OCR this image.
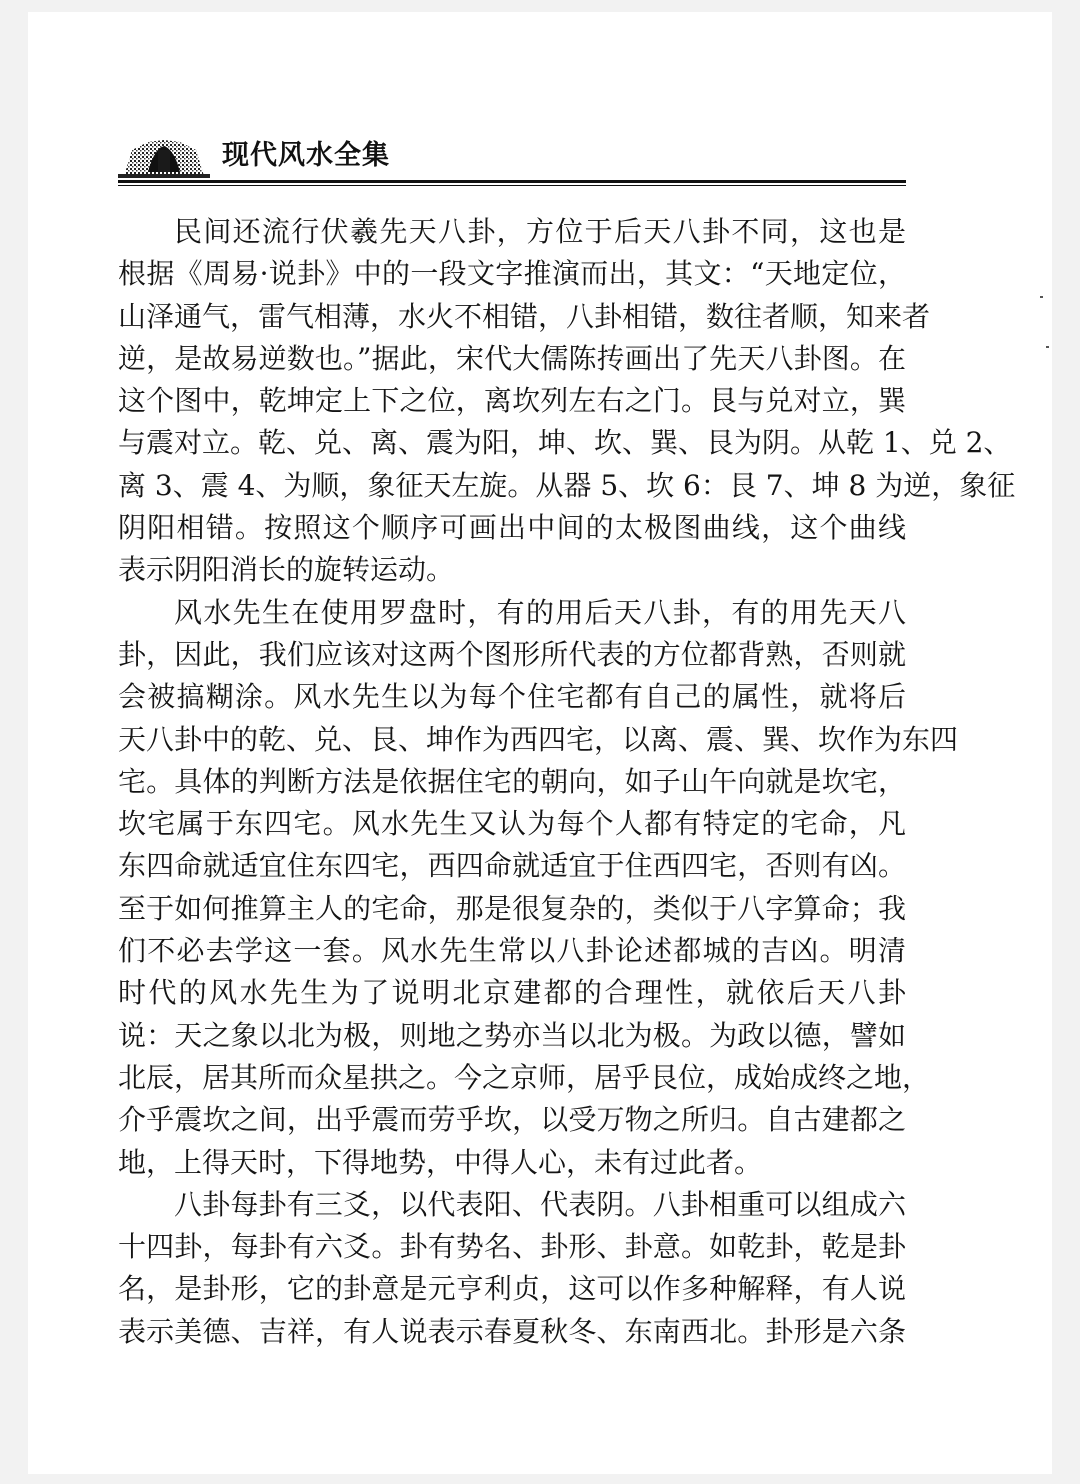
现代风水全集
民间还流行伏羲先天八卦，方位于后天八卦不同，这也是
根据《周易·说卦》中的一段文字推演而出，其文：“天地定位，
山泽通气，雷气相薄，水火不相错，八卦相错，数往者顺，知来者
逆，是故易逆数也。”据此，宋代大儒陈抟画出了先天八卦图。在
这个图中，乾坤定上下之位，离坎列左右之门。艮与兑对立，巽
与震对立。乾、兑、离、震为阳，坤、坎、巽、艮为阴。从乾 1、兑 2、
离 3、震 4、为顺，象征天左旋。从器 5、坎 6：艮 7、坤 8 为逆，象征
阴阳相错。按照这个顺序可画出中间的太极图曲线，这个曲线
表示阴阳消长的旋转运动。
风水先生在使用罗盘时，有的用后天八卦，有的用先天八
卦，因此，我们应该对这两个图形所代表的方位都背熟，否则就
会被搞糊涂。风水先生以为每个住宅都有自己的属性，就将后
天八卦中的乾、兑、艮、坤作为西四宅，以离、震、巽、坎作为东四
宅。具体的判断方法是依据住宅的朝向，如子山午向就是坎宅，
坎宅属于东四宅。风水先生又认为每个人都有特定的宅命，凡
东四命就适宜住东四宅，西四命就适宜于住西四宅，否则有凶。
至于如何推算主人的宅命，那是很复杂的，类似于八字算命；我
们不必去学这一套。风水先生常以八卦论述都城的吉凶。明清
时代的风水先生为了说明北京建都的合理性，就依后天八卦
说：天之象以北为极，则地之势亦当以北为极。为政以德，譬如
北辰，居其所而众星拱之。今之京师，居乎艮位，成始成终之地，
介乎震坎之间，出乎震而劳乎坎，以受万物之所归。自古建都之
地，上得天时，下得地势，中得人心，未有过此者。
八卦每卦有三爻，以代表阳、代表阴。八卦相重可以组成六
十四卦，每卦有六爻。卦有势名、卦形、卦意。如乾卦，乾是卦
名，是卦形，它的卦意是元亨利贞，这可以作多种解释，有人说
表示美德、吉祥，有人说表示春夏秋冬、东南西北。卦形是六条
